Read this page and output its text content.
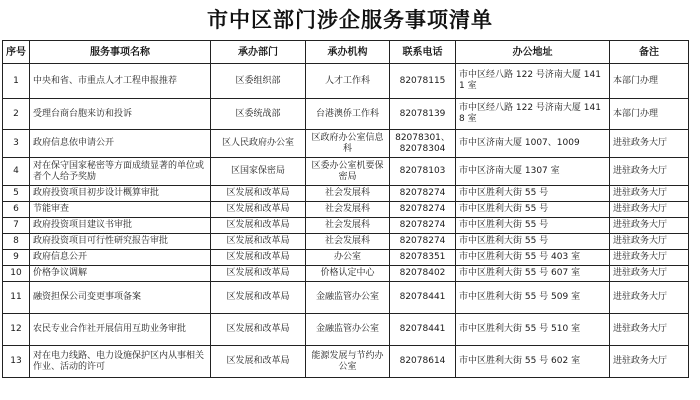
市中区部门涉企服务事项清单
序号	服务事项名称	承办部门	承办机构	联系电话	办公地址	备注
1	中央和省、市重点人才工程申报推荐	区委组织部	人才工作科	82078115	市中区经八路 122 号济南大厦 1411 室	本部门办理
2	受理台商台胞来访和投诉	区委统战部	台港澳侨工作科	82078139	市中区经八路 122 号济南大厦 1418 室	本部门办理
3	政府信息依申请公开	区人民政府办公室	区政府办公室信息科	82078301、82078304	市中区济南大厦 1007、1009	进驻政务大厅
4	对在保守国家秘密等方面成绩显著的单位或者个人给予奖励	区国家保密局	区委办公室机要保密局	82078103	市中区济南大厦 1307 室	进驻政务大厅
5	政府投资项目初步设计概算审批	区发展和改革局	社会发展科	82078274	市中区胜利大街 55 号	进驻政务大厅
6	节能审查	区发展和改革局	社会发展科	82078274	市中区胜利大街 55 号	进驻政务大厅
7	政府投资项目建议书审批	区发展和改革局	社会发展科	82078274	市中区胜利大街 55 号	进驻政务大厅
8	政府投资项目可行性研究报告审批	区发展和改革局	社会发展科	82078274	市中区胜利大街 55 号	进驻政务大厅
9	政府信息公开	区发展和改革局	办公室	82078351	市中区胜利大街 55 号 403 室	进驻政务大厅
10	价格争议调解	区发展和改革局	价格认定中心	82078402	市中区胜利大街 55 号 607 室	进驻政务大厅
11	融资担保公司变更事项备案	区发展和改革局	金融监管办公室	82078441	市中区胜利大街 55 号 509 室	进驻政务大厅
12	农民专业合作社开展信用互助业务审批	区发展和改革局	金融监管办公室	82078441	市中区胜利大街 55 号 510 室	进驻政务大厅
13	对在电力线路、电力设施保护区内从事相关作业、活动的许可	区发展和改革局	能源发展与节约办公室	82078614	市中区胜利大街 55 号 602 室	进驻政务大厅
